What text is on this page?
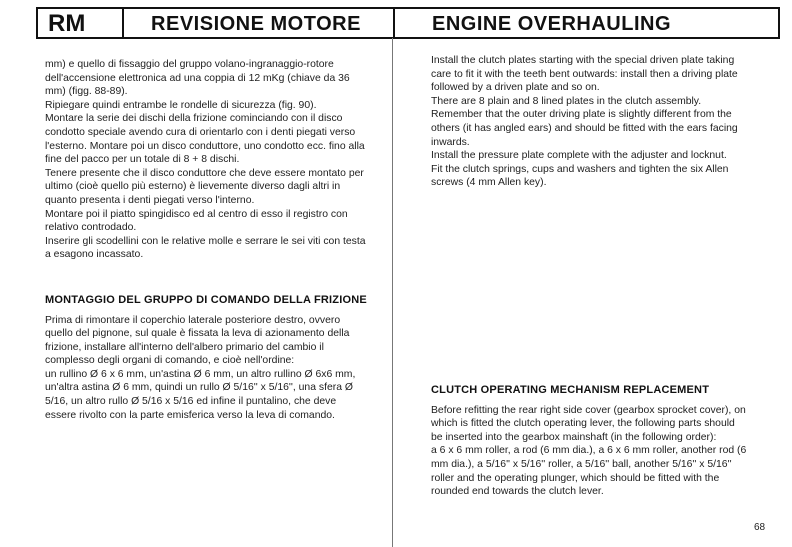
RM	REVISIONE MOTORE	ENGINE OVERHAULING

mm) e quello di fissaggio del gruppo volano-ingranaggio-rotore dell'accensione elettronica ad una coppia di 12 mKg (chiave da 36 mm) (figg. 88-89).

Ripiegare quindi entrambe le rondelle di sicurezza (fig. 90).

Montare la serie dei dischi della frizione cominciando con il disco condotto speciale avendo cura di orientarlo con i denti piegati verso l'esterno. Montare poi un disco conduttore, uno condotto ecc. fino alla fine del pacco per un totale di 8 + 8 dischi.

Tenere presente che il disco conduttore che deve essere montato per ultimo (cioè quello più esterno) è lievemente diverso dagli altri in quanto presenta i denti piegati verso l'interno.

Montare poi il piatto spingidisco ed al centro di esso il registro con relativo controdado.

Inserire gli scodellini con le relative molle e serrare le sei viti con testa a esagono incassato.

MONTAGGIO DEL GRUPPO DI COMANDO DELLA FRIZIONE

Prima di rimontare il coperchio laterale posteriore destro, ovvero quello del pignone, sul quale è fissata la leva di azionamento della frizione, installare all'interno dell'albero primario del cambio il complesso degli organi di comando, e cioè nell'ordine:

un rullino Ø 6 x 6 mm, un'astina Ø 6 mm, un altro rullino Ø 6x6 mm, un'altra astina Ø 6 mm, quindi un rullo Ø 5/16'' x 5/16'', una sfera Ø 5/16, un altro rullo Ø 5/16 x 5/16 ed infine il puntalino, che deve essere rivolto con la parte emisferica verso la leva di comando.

Install the clutch plates starting with the special driven plate taking care to fit it with the teeth bent outwards: install then a driving plate followed by a driven plate and so on.

There are 8 plain and 8 lined plates in the clutch assembly.

Remember that the outer driving plate is slightly different from the others (it has angled ears) and should be fitted with the ears facing inwards.

Install the pressure plate complete with the adjuster and locknut.

Fit the clutch springs, cups and washers and tighten the six Allen screws (4 mm Allen key).

CLUTCH OPERATING MECHANISM REPLACEMENT

Before refitting the rear right side cover (gearbox sprocket cover), on which is fitted the clutch operating lever, the following parts should be inserted into the gearbox mainshaft (in the following order):

a 6 x 6 mm roller, a rod (6 mm dia.), a 6 x 6 mm roller, another rod (6 mm dia.), a 5/16'' x 5/16'' roller, a 5/16'' ball, another 5/16'' x 5/16'' roller and the operating plunger, which should be fitted with the rounded end towards the clutch lever.

68
